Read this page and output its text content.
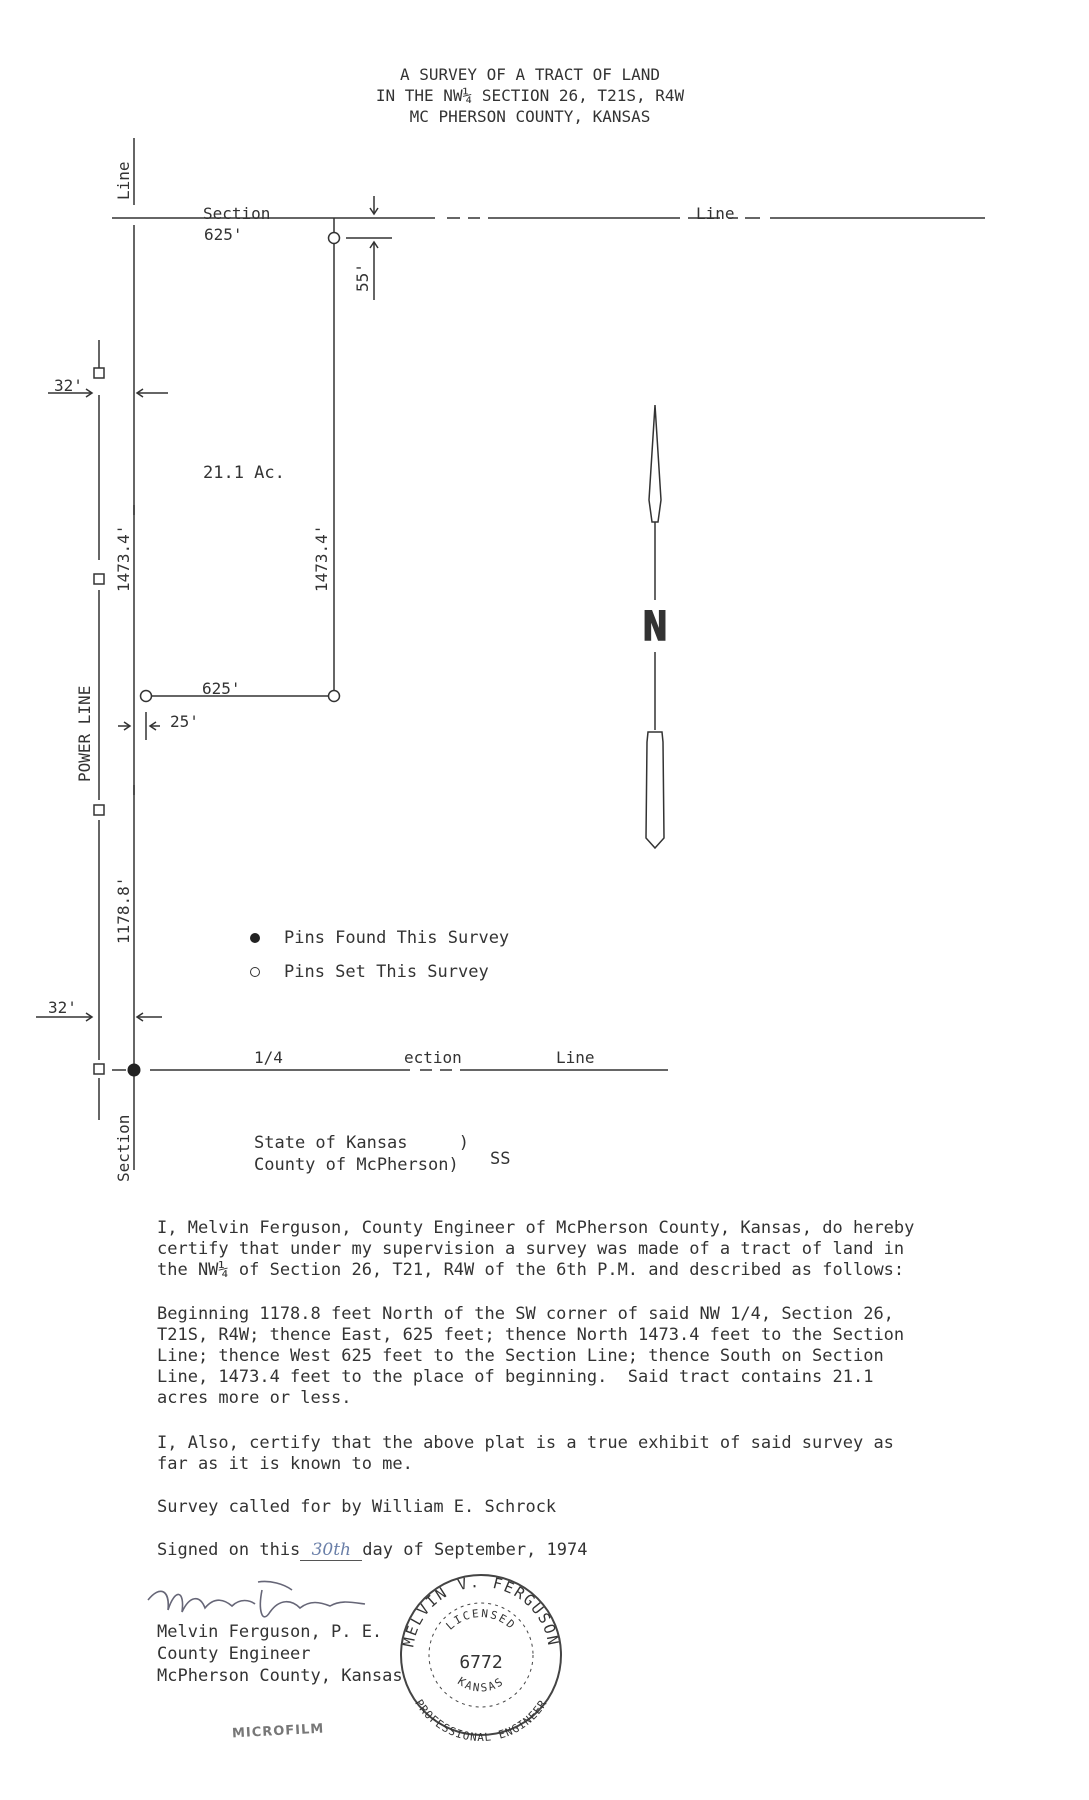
A SURVEY OF A TRACT OF LAND
IN THE NW¼ SECTION 26, T21S, R4W
MC PHERSON COUNTY, KANSAS
N
Line
Section	Line
625'
55'
32'
21.1 Ac.
1473.4'	1473.4'
625'
25'
POWER LINE
1178.8'
32'
1/4	ection	Line
Section
MELVIN V. FERGUSON
PROFESSIONAL ENGINEER
LICENSED
KANSAS
6772
Pins Found This Survey
Pins Set This Survey
State of Kansas     )
County of McPherson)	SS
I, Melvin Ferguson, County Engineer of McPherson County, Kansas, do hereby
certify that under my supervision a survey was made of a tract of land in
the NW¼ of Section 26, T21, R4W of the 6th P.M. and described as follows:
Beginning 1178.8 feet North of the SW corner of said NW 1/4, Section 26,
T21S, R4W; thence East, 625 feet; thence North 1473.4 feet to the Section
Line; thence West 625 feet to the Section Line; thence South on Section
Line, 1473.4 feet to the place of beginning.  Said tract contains 21.1
acres more or less.
I, Also, certify that the above plat is a true exhibit of said survey as
far as it is known to me.
Survey called for by William E. Schrock
Signed on this 30th day of September, 1974
Melvin Ferguson, P. E.
County Engineer
McPherson County, Kansas
MICROFILM
